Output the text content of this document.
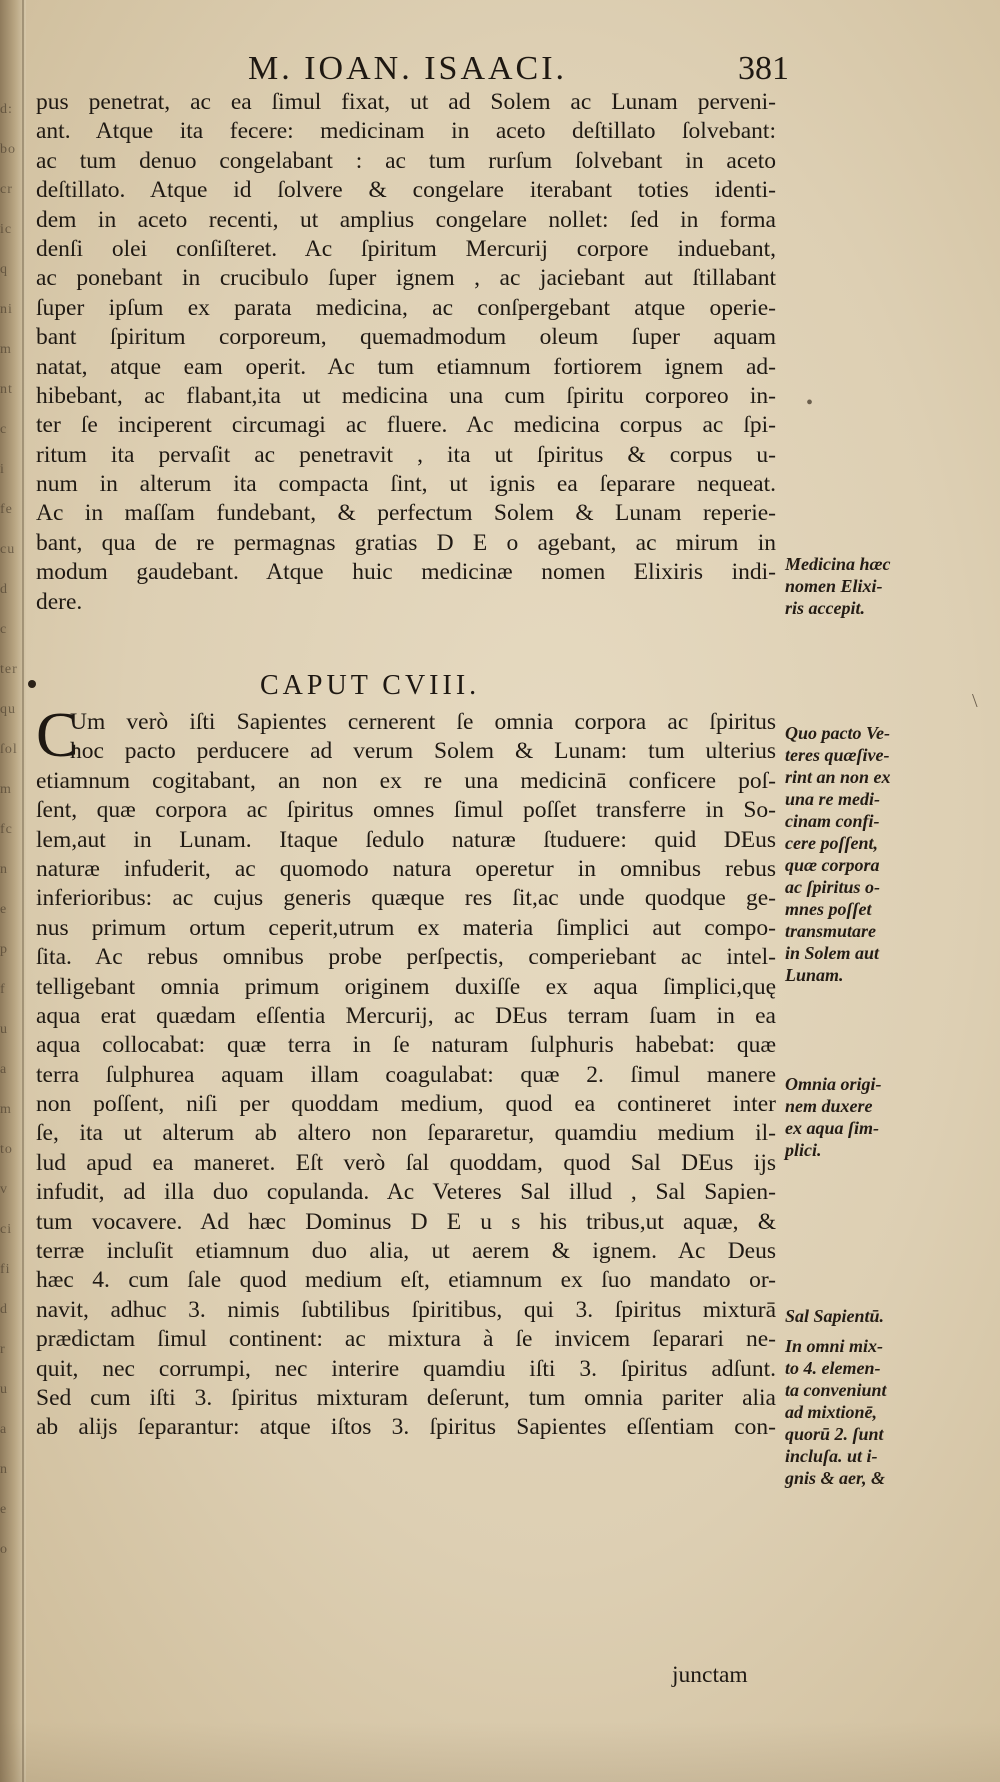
d:
bo
cr
ic
q
ni
m
nt
c
i
fe
cu
d
c
ter
qu
ſol
m
fc
n
e
p
f
u
a
m
to
v
ci
fi
d
r
u
a
n
e
o
M. IOAN. ISAACI.	381
pus penetrat, ac ea ſimul fixat, ut ad Solem ac Lunam perveni-
ant. Atque ita fecere: medicinam in aceto deſtillato ſolvebant:
ac tum denuo congelabant : ac tum rurſum ſolvebant in aceto
deſtillato. Atque id ſolvere & congelare iterabant toties identi-
dem in aceto recenti, ut amplius congelare nollet: ſed in forma
denſi olei conſiſteret. Ac ſpiritum Mercurij corpore induebant,
ac ponebant in crucibulo ſuper ignem , ac jaciebant aut ſtillabant
ſuper ipſum ex parata medicina, ac conſpergebant atque operie-
bant ſpiritum corporeum, quemadmodum oleum ſuper aquam
natat, atque eam operit. Ac tum etiamnum fortiorem ignem ad-
hibebant, ac flabant,ita ut medicina una cum ſpiritu corporeo in-
ter ſe inciperent circumagi ac fluere. Ac medicina corpus ac ſpi-
ritum ita pervaſit ac penetravit , ita ut ſpiritus & corpus u-
num in alterum ita compacta ſint, ut ignis ea ſeparare nequeat.
Ac in maſſam fundebant, & perfectum Solem & Lunam reperie-
bant, qua de re permagnas gratias D E o agebant, ac mirum in
modum gaudebant. Atque huic medicinæ nomen Elixiris indi-
dere.
Medicina hæc
nomen Elixi-
ris accepit.
CAPUT CVIII.
C
Um verò iſti Sapientes cernerent ſe omnia corpora ac ſpiritus
hoc pacto perducere ad verum Solem & Lunam: tum ulterius
etiamnum cogitabant, an non ex re una medicinā conficere poſ-
ſent, quæ corpora ac ſpiritus omnes ſimul poſſet transferre in So-
lem,aut in Lunam. Itaque ſedulo naturæ ſtuduere: quid DEus
naturæ infuderit, ac quomodo natura operetur in omnibus rebus
inferioribus: ac cujus generis quæque res ſit,ac unde quodque ge-
nus primum ortum ceperit,utrum ex materia ſimplici aut compo-
ſita. Ac rebus omnibus probe perſpectis, comperiebant ac intel-
telligebant omnia primum originem duxiſſe ex aqua ſimplici,quę
aqua erat quædam eſſentia Mercurij, ac DEus terram ſuam in ea
aqua collocabat: quæ terra in ſe naturam ſulphuris habebat: quæ
terra ſulphurea aquam illam coagulabat: quæ 2. ſimul manere
non poſſent, niſi per quoddam medium, quod ea contineret inter
ſe, ita ut alterum ab altero non ſepararetur, quamdiu medium il-
lud apud ea maneret. Eſt verò ſal quoddam, quod Sal DEus ijs
infudit, ad illa duo copulanda. Ac Veteres Sal illud , Sal Sapien-
tum vocavere. Ad hæc Dominus D E u s his tribus,ut aquæ, &
terræ incluſit etiamnum duo alia, ut aerem & ignem. Ac Deus
hæc 4. cum ſale quod medium eſt, etiamnum ex ſuo mandato or-
navit, adhuc 3. nimis ſubtilibus ſpiritibus, qui 3. ſpiritus mixturā
prædictam ſimul continent: ac mixtura à ſe invicem ſeparari ne-
quit, nec corrumpi, nec interire quamdiu iſti 3. ſpiritus adſunt.
Sed cum iſti 3. ſpiritus mixturam deſerunt, tum omnia pariter alia
ab alijs ſeparantur: atque iſtos 3. ſpiritus Sapientes eſſentiam con-
Quo pacto Ve-
teres quæſive-
rint an non ex
una re medi-
cinam confi-
cere poſſent,
quæ corpora
ac ſpiritus o-
mnes poſſet
transmutare
in Solem aut
Lunam.
Omnia origi-
nem duxere
ex aqua ſim-
plici.
Sal Sapientū.
In omni mix-
to 4. elemen-
ta conveniunt
ad mixtionē,
quorū 2. ſunt
incluſa. ut i-
gnis & aer, &
junctam
•
\
